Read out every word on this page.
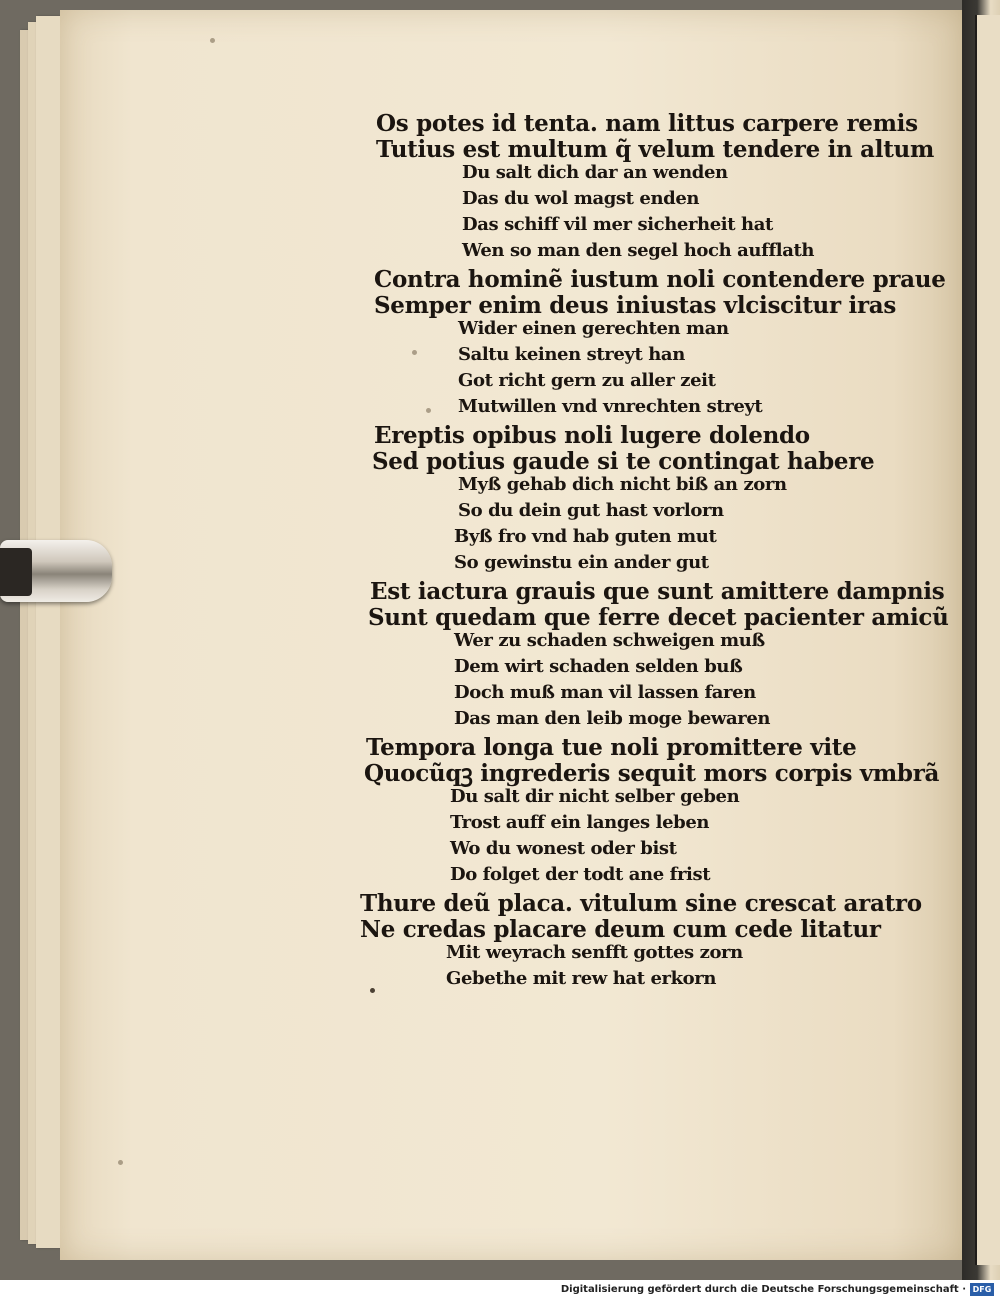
Os potes id tenta. nam littus carpere remis
Tutius est multum q̃ velum tendere in altum
Du salt dich dar an wenden
Das du wol magst enden
Das schiff vil mer sicherheit hat
Wen so man den segel hoch aufflath
Contra hominẽ iustum noli contendere praue
Semper enim deus iniustas vlciscitur iras
Wider einen gerechten man
Saltu keinen streyt han
Got richt gern zu aller zeit
Mutwillen vnd vnrechten streyt
Ereptis opibus noli lugere dolendo
Sed potius gaude si te contingat habere
Myß gehab dich nicht biß an zorn
So du dein gut hast vorlorn
Byß fro vnd hab guten mut
So gewinstu ein ander gut
Est iactura grauis que sunt amittere dampnis
Sunt quedam que ferre decet pacienter amicũ
Wer zu schaden schweigen muß
Dem wirt schaden selden buß
Doch muß man vil lassen faren
Das man den leib moge bewaren
Tempora longa tue noli promittere vite
Quocũqꝫ ingrederis sequit mors corpis vmbrã
Du salt dir nicht selber geben
Trost auff ein langes leben
Wo du wonest oder bist
Do folget der todt ane frist
Thure deũ placa. vitulum sine crescat aratro
Ne credas placare deum cum cede litatur
Mit weyrach senfft gottes zorn
Gebethe mit rew hat erkorn
Digitalisierung gefördert durch die Deutsche Forschungsgemeinschaft · DFG
